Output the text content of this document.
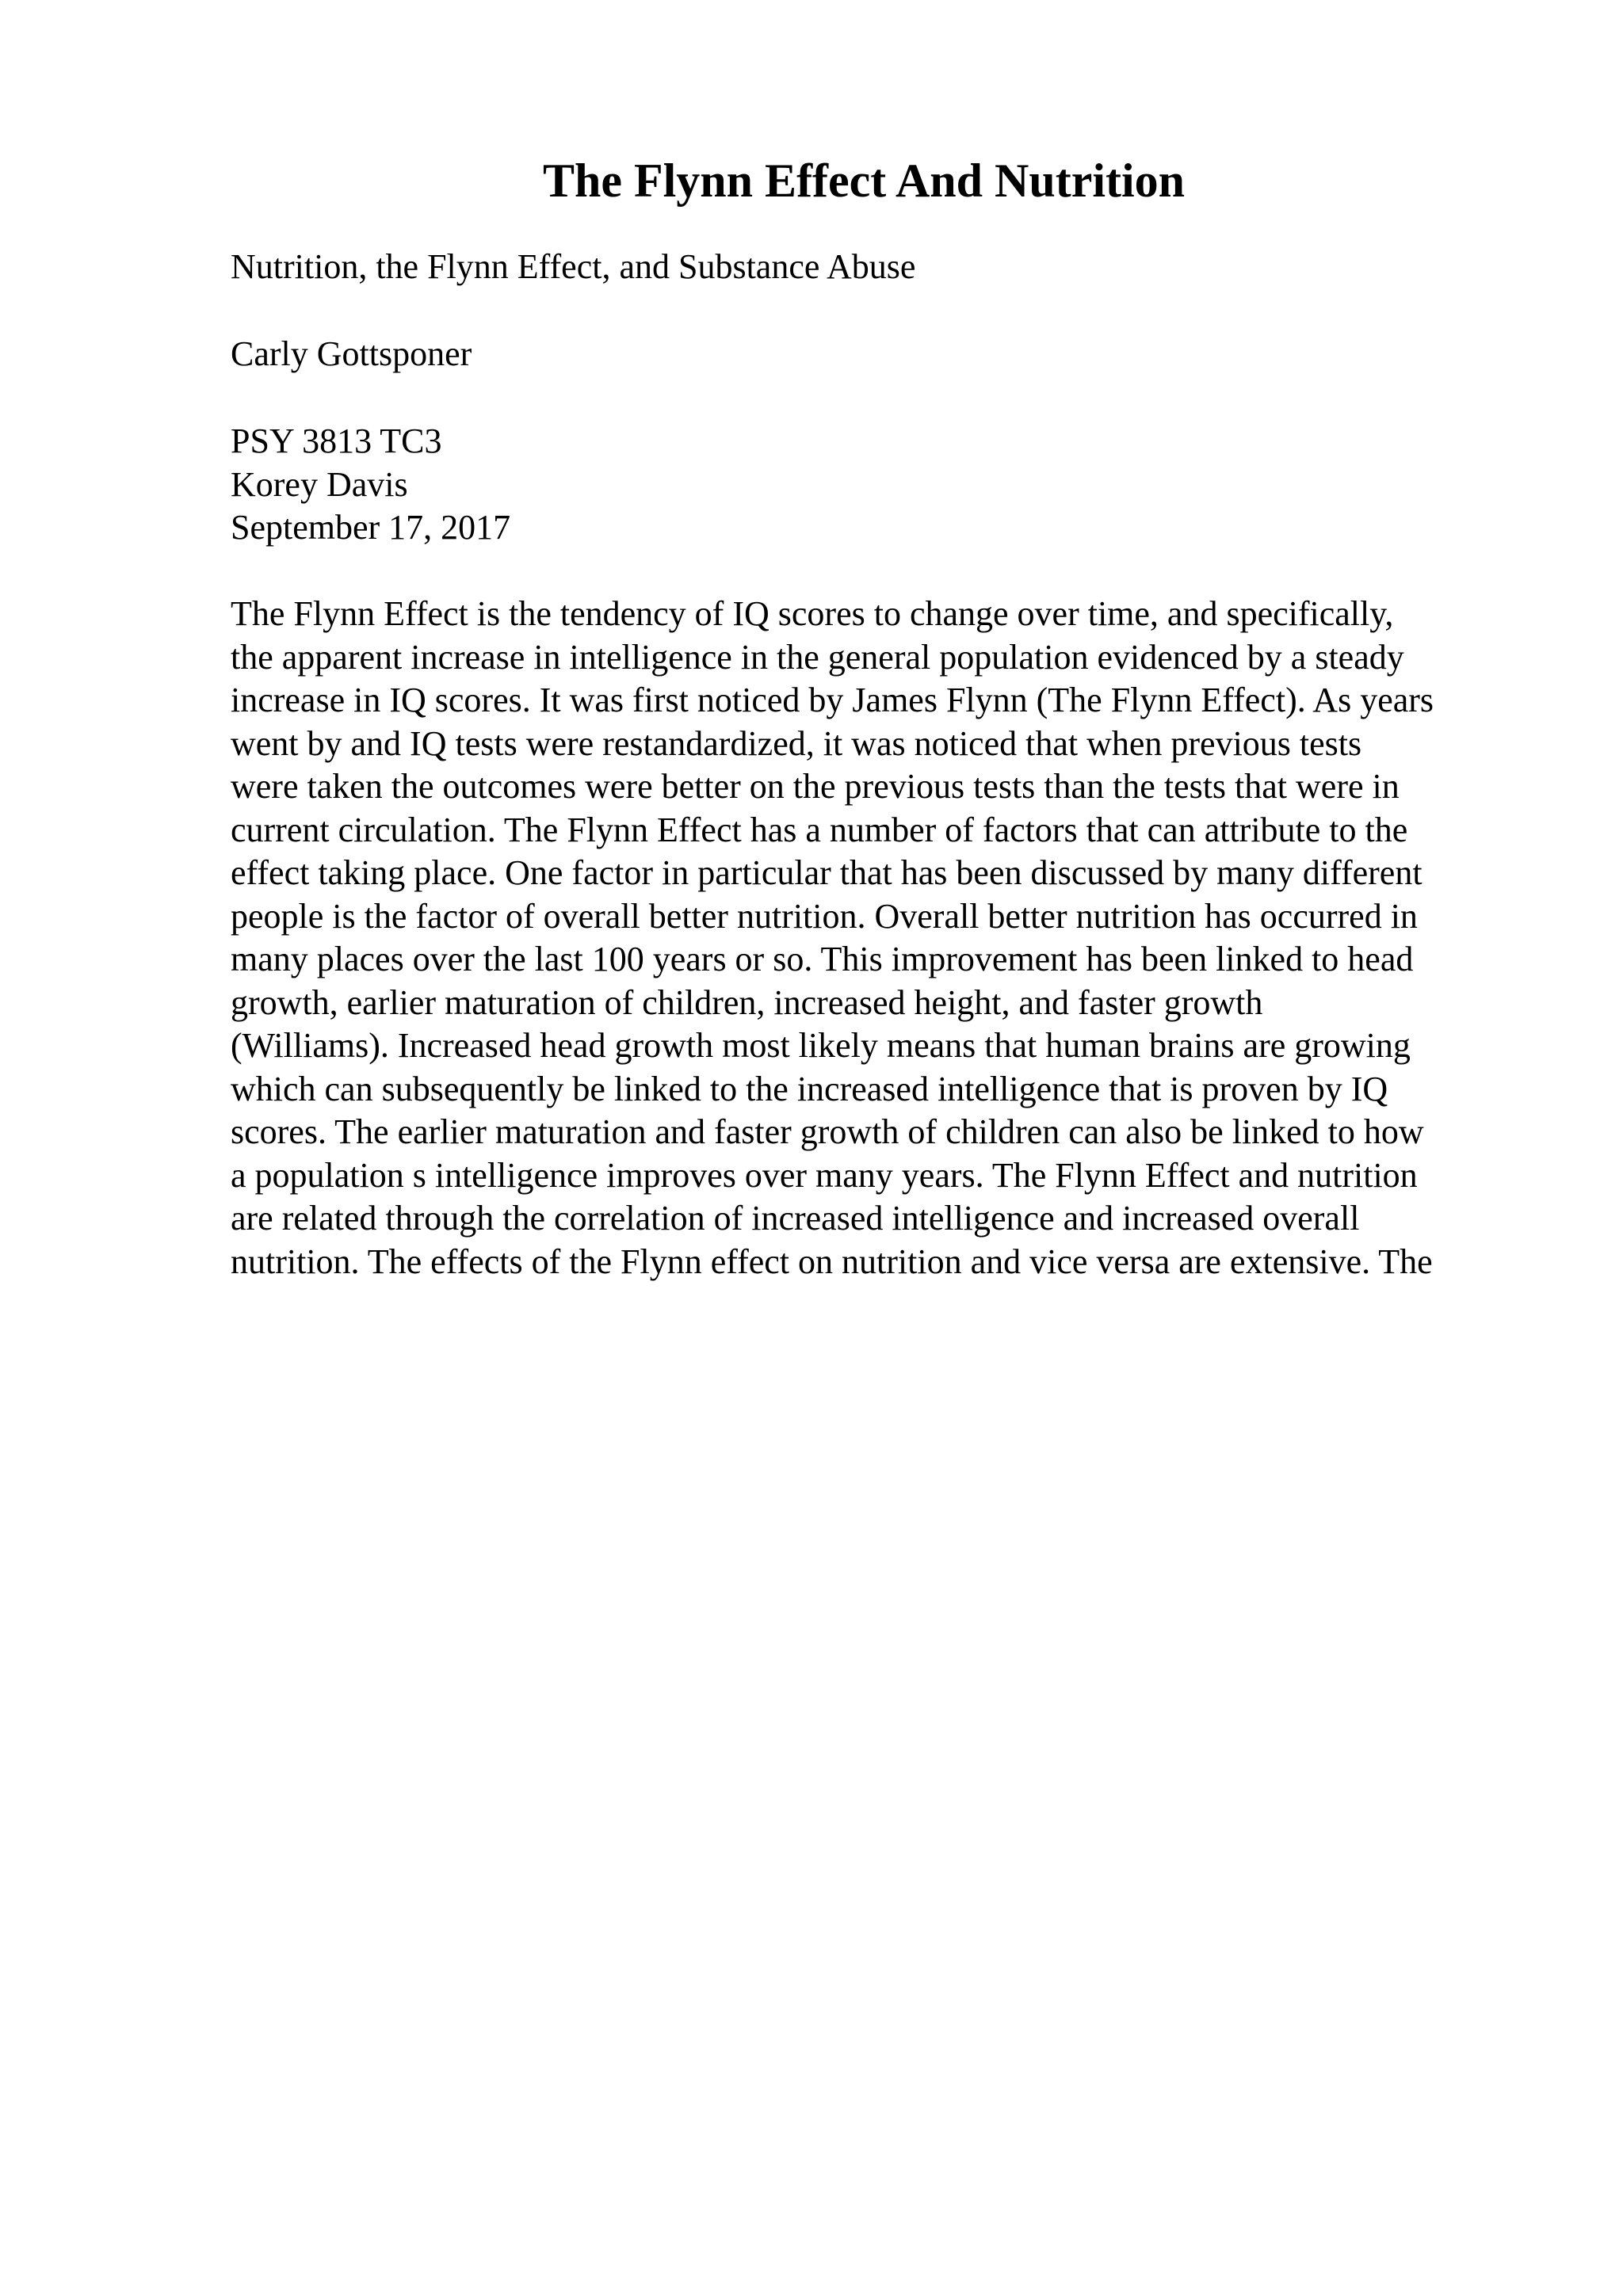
The Flynn Effect And Nutrition

Nutrition, the Flynn Effect, and Substance Abuse

Carly Gottsponer

PSY 3813 TC3
Korey Davis
September 17, 2017

The Flynn Effect is the tendency of IQ scores to change over time, and specifically,
the apparent increase in intelligence in the general population evidenced by a steady
increase in IQ scores. It was first noticed by James Flynn (The Flynn Effect). As years
went by and IQ tests were restandardized, it was noticed that when previous tests
were taken the outcomes were better on the previous tests than the tests that were in
current circulation. The Flynn Effect has a number of factors that can attribute to the
effect taking place. One factor in particular that has been discussed by many different
people is the factor of overall better nutrition. Overall better nutrition has occurred in
many places over the last 100 years or so. This improvement has been linked to head
growth, earlier maturation of children, increased height, and faster growth
(Williams). Increased head growth most likely means that human brains are growing
which can subsequently be linked to the increased intelligence that is proven by IQ
scores. The earlier maturation and faster growth of children can also be linked to how
a population s intelligence improves over many years. The Flynn Effect and nutrition
are related through the correlation of increased intelligence and increased overall
nutrition. The effects of the Flynn effect on nutrition and vice versa are extensive. The
